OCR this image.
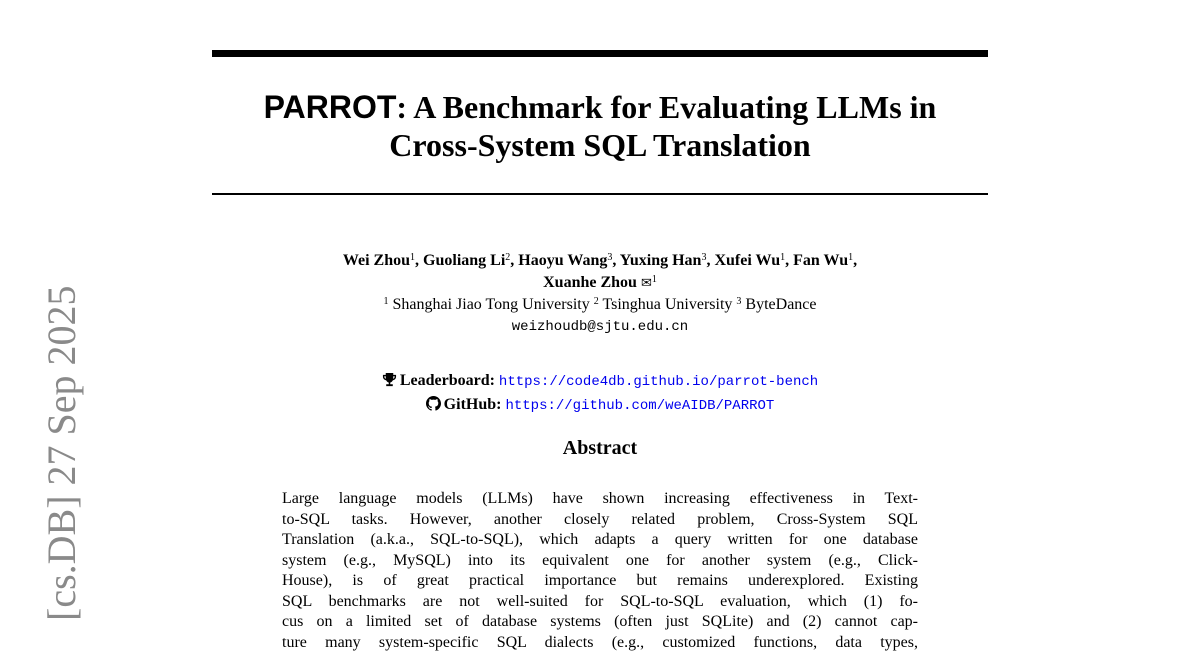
PARROT: A Benchmark for Evaluating LLMs in
Cross-System SQL Translation
Wei Zhou$^1$, Guoliang Li$^2$, Haoyu Wang$^3$, Yuxing Han$^3$, Xufei Wu$^1$, Fan Wu$^1$,
Xuanhe Zhou ✉$^1$
$^1$ Shanghai Jiao Tong University $^2$ Tsinghua University $^3$ ByteDance
weizhoudb@sjtu.edu.cn
Leaderboard: https://code4db.github.io/parrot-bench
GitHub: https://github.com/weAIDB/PARROT
Abstract
Large language models (LLMs) have shown increasing effectiveness in Text-
to-SQL tasks. However, another closely related problem, Cross-System SQL
Translation (a.k.a., SQL-to-SQL), which adapts a query written for one database
system (e.g., MySQL) into its equivalent one for another system (e.g., Click-
House), is of great practical importance but remains underexplored. Existing
SQL benchmarks are not well-suited for SQL-to-SQL evaluation, which (1) fo-
cus on a limited set of database systems (often just SQLite) and (2) cannot cap-
ture many system-specific SQL dialects (e.g., customized functions, data types,
[cs.DB] 27 Sep 2025
